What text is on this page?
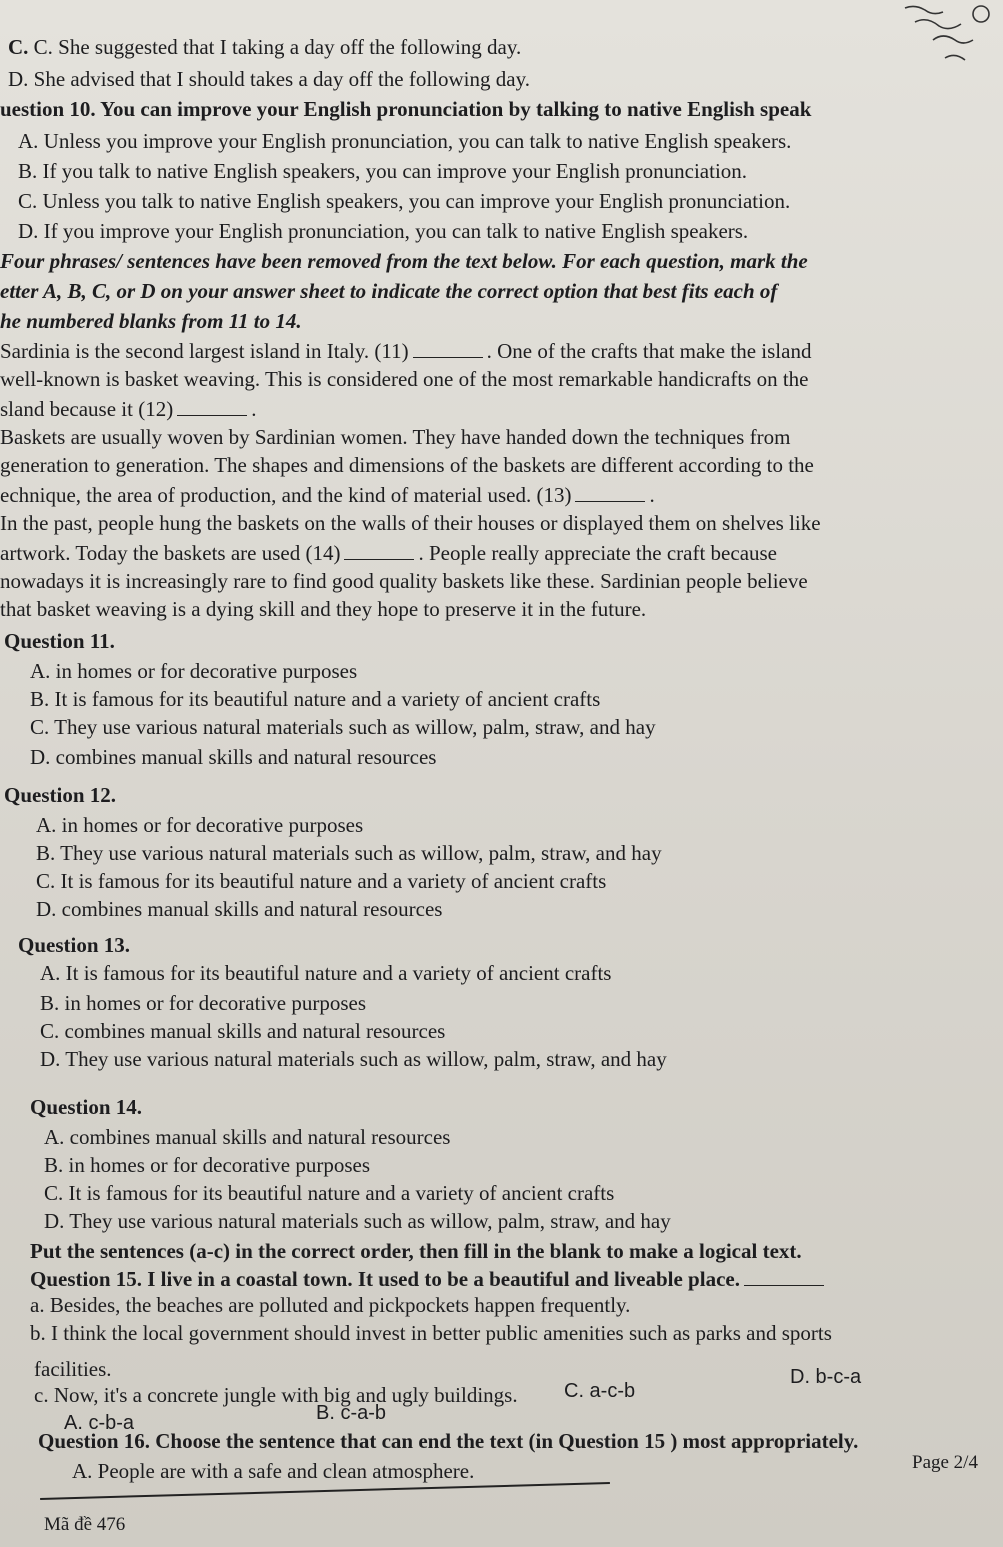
C. C. She suggested that I taking a day off the following day.
D. She advised that I should takes a day off the following day.
uestion 10. You can improve your English pronunciation by talking to native English speak
A. Unless you improve your English pronunciation, you can talk to native English speakers.
B. If you talk to native English speakers, you can improve your English pronunciation.
C. Unless you talk to native English speakers, you can improve your English pronunciation.
D. If you improve your English pronunciation, you can talk to native English speakers.
Four phrases/ sentences have been removed from the text below. For each question, mark the
etter A, B, C, or D on your answer sheet to indicate the correct option that best fits each of
he numbered blanks from 11 to 14.
Sardinia is the second largest island in Italy. (11)	. One of the crafts that make the island
well-known is basket weaving. This is considered one of the most remarkable handicrafts on the
sland because it (12)	.
Baskets are usually woven by Sardinian women. They have handed down the techniques from
generation to generation. The shapes and dimensions of the baskets are different according to the
echnique, the area of production, and the kind of material used. (13)	.
In the past, people hung the baskets on the walls of their houses or displayed them on shelves like
artwork. Today the baskets are used (14)	. People really appreciate the craft because
nowadays it is increasingly rare to find good quality baskets like these. Sardinian people believe
that basket weaving is a dying skill and they hope to preserve it in the future.
Question 11.
A. in homes or for decorative purposes
B. It is famous for its beautiful nature and a variety of ancient crafts
C. They use various natural materials such as willow, palm, straw, and hay
D. combines manual skills and natural resources
Question 12.
A. in homes or for decorative purposes
B. They use various natural materials such as willow, palm, straw, and hay
C. It is famous for its beautiful nature and a variety of ancient crafts
D. combines manual skills and natural resources
Question 13.
A. It is famous for its beautiful nature and a variety of ancient crafts
B. in homes or for decorative purposes
C. combines manual skills and natural resources
D. They use various natural materials such as willow, palm, straw, and hay
Question 14.
A. combines manual skills and natural resources
B. in homes or for decorative purposes
C. It is famous for its beautiful nature and a variety of ancient crafts
D. They use various natural materials such as willow, palm, straw, and hay
Put the sentences (a-c) in the correct order, then fill in the blank to make a logical text.
Question 15. I live in a coastal town. It used to be a beautiful and liveable place.
a. Besides, the beaches are polluted and pickpockets happen frequently.
b. I think the local government should invest in better public amenities such as parks and sports
facilities.
c. Now, it's a concrete jungle with big and ugly buildings.
A. c-b-a	B. c-a-b
C. a-c-b
D. b-c-a
Question 16. Choose the sentence that can end the text (in Question 15 ) most appropriately.
A. People are with a safe and clean atmosphere.	Page 2/4
Mã đề 476
